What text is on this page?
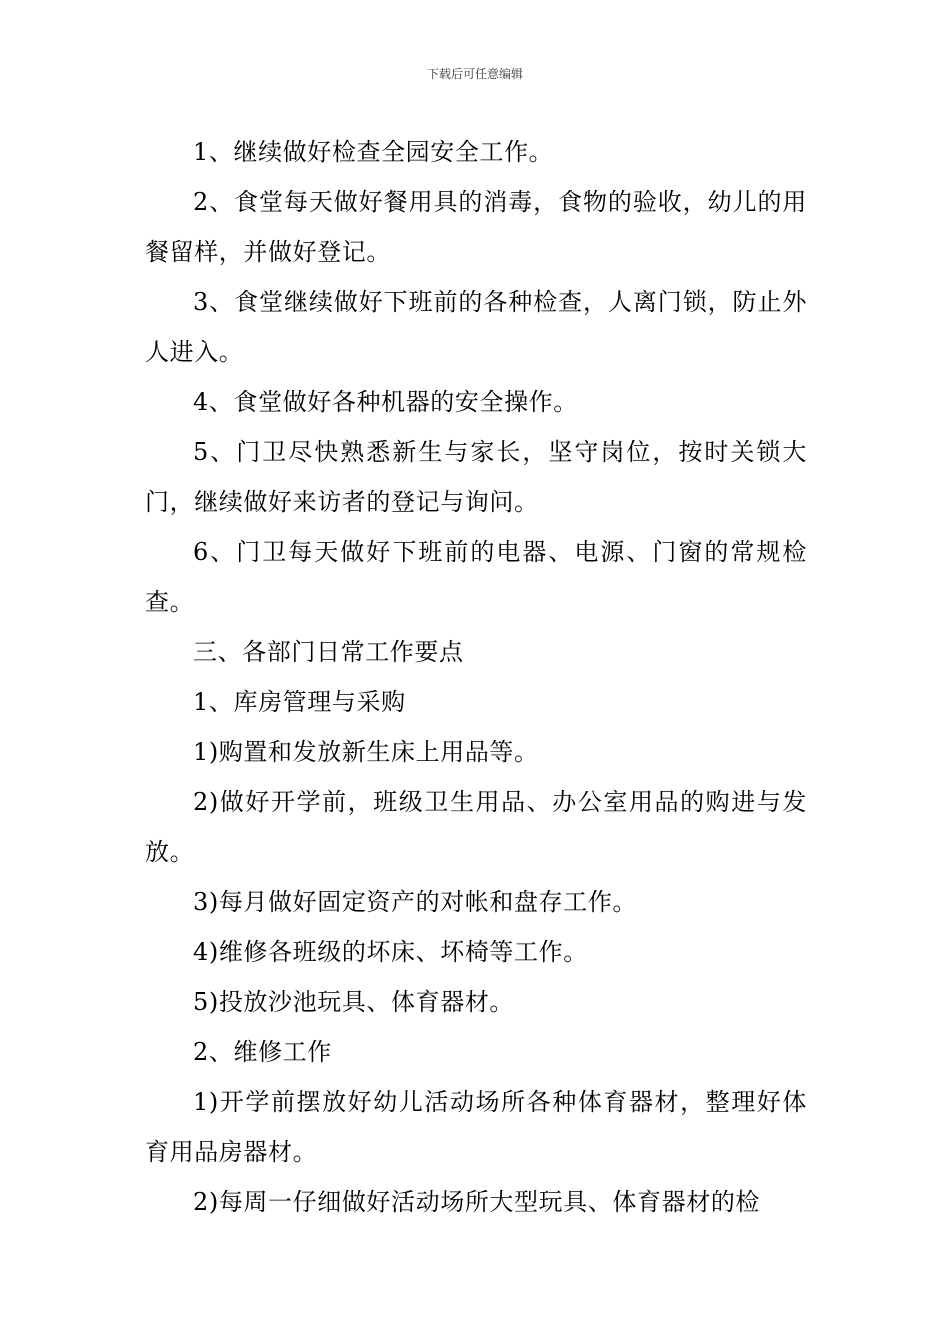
下载后可任意编辑

1、继续做好检查全园安全工作。

2、食堂每天做好餐用具的消毒，食物的验收，幼儿的用餐留样，并做好登记。

3、食堂继续做好下班前的各种检查，人离门锁，防止外人进入。

4、食堂做好各种机器的安全操作。

5、门卫尽快熟悉新生与家长，坚守岗位，按时关锁大门，继续做好来访者的登记与询问。

6、门卫每天做好下班前的电器、电源、门窗的常规检查。

三、各部门日常工作要点

1、库房管理与采购

1)购置和发放新生床上用品等。

2)做好开学前，班级卫生用品、办公室用品的购进与发放。

3)每月做好固定资产的对帐和盘存工作。

4)维修各班级的坏床、坏椅等工作。

5)投放沙池玩具、体育器材。

2、维修工作

1)开学前摆放好幼儿活动场所各种体育器材，整理好体育用品房器材。

2)每周一仔细做好活动场所大型玩具、体育器材的检
